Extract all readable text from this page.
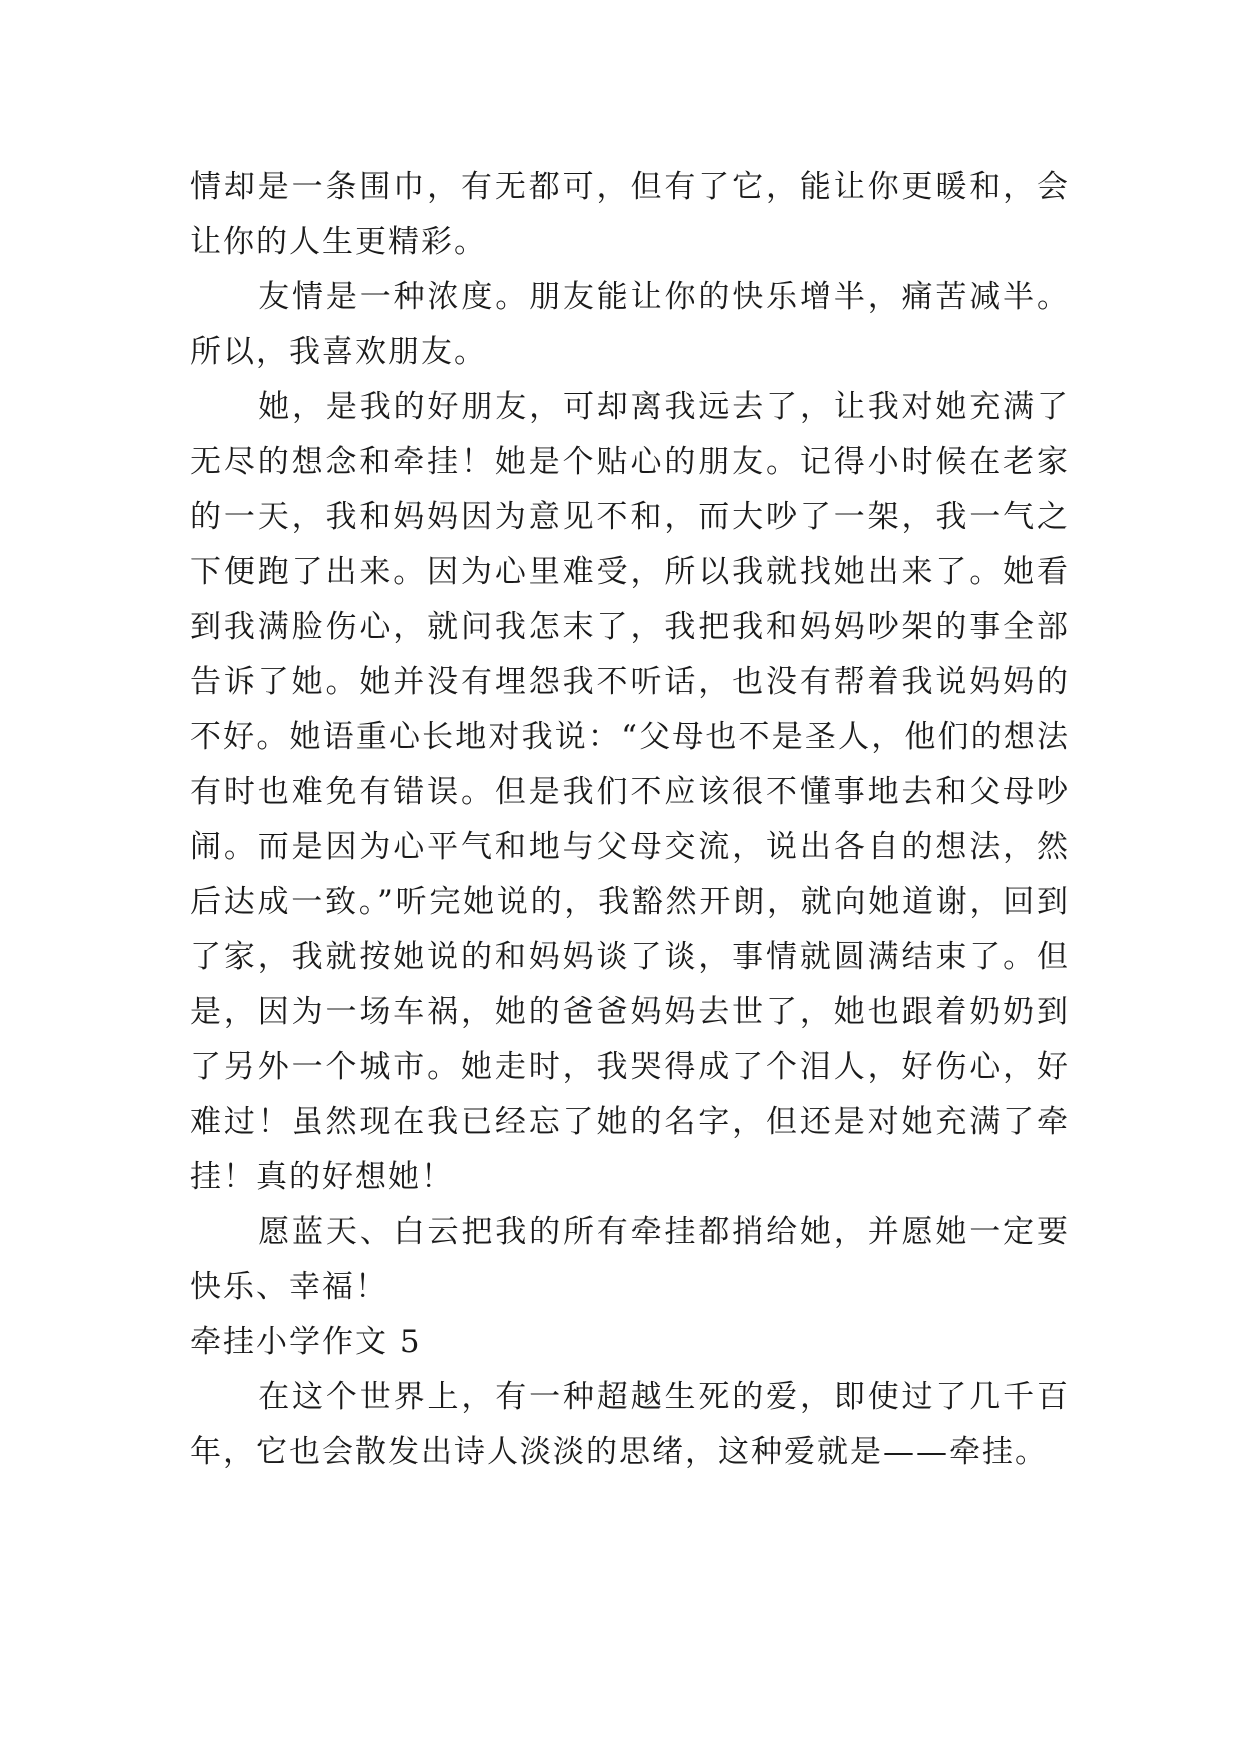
情却是一条围巾，有无都可，但有了它，能让你更暖和，会让你的人生更精彩。

友情是一种浓度。朋友能让你的快乐增半，痛苦减半。所以，我喜欢朋友。

她，是我的好朋友，可却离我远去了，让我对她充满了无尽的想念和牵挂！她是个贴心的朋友。记得小时候在老家的一天，我和妈妈因为意见不和，而大吵了一架，我一气之下便跑了出来。因为心里难受，所以我就找她出来了。她看到我满脸伤心，就问我怎末了，我把我和妈妈吵架的事全部告诉了她。她并没有埋怨我不听话，也没有帮着我说妈妈的不好。她语重心长地对我说：“父母也不是圣人，他们的想法有时也难免有错误。但是我们不应该很不懂事地去和父母吵闹。而是因为心平气和地与父母交流，说出各自的想法，然后达成一致。”听完她说的，我豁然开朗，就向她道谢，回到了家，我就按她说的和妈妈谈了谈，事情就圆满结束了。但是，因为一场车祸，她的爸爸妈妈去世了，她也跟着奶奶到了另外一个城市。她走时，我哭得成了个泪人，好伤心，好难过！虽然现在我已经忘了她的名字，但还是对她充满了牵挂！真的好想她！

愿蓝天、白云把我的所有牵挂都捎给她，并愿她一定要快乐、幸福！

牵挂小学作文 5

在这个世界上，有一种超越生死的爱，即使过了几千百年，它也会散发出诗人淡淡的思绪，这种爱就是——牵挂。
